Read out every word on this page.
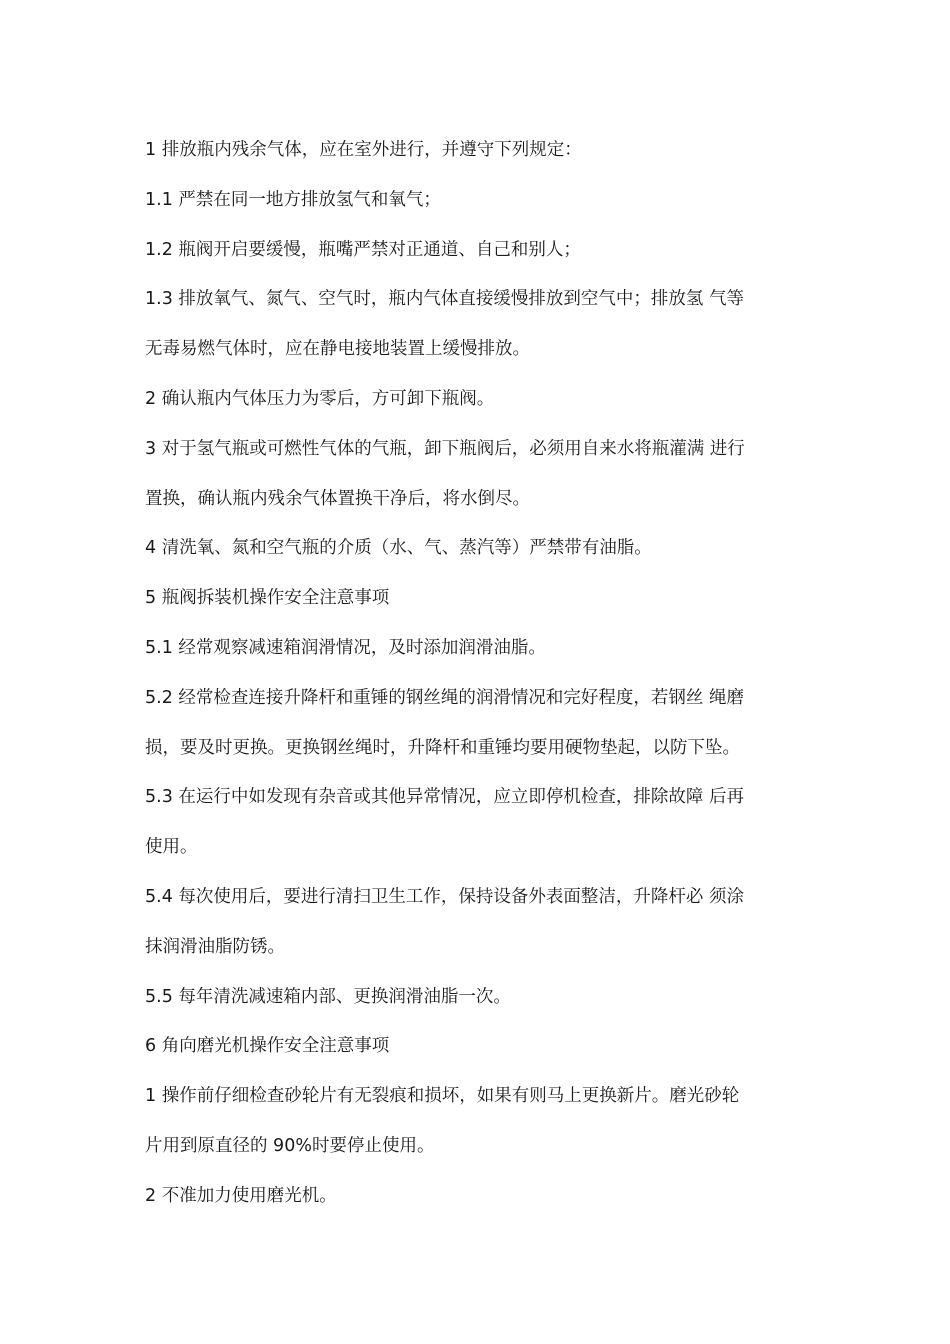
1 排放瓶内残余气体，应在室外进行，并遵守下列规定：
1.1 严禁在同一地方排放氢气和氧气；
1.2 瓶阀开启要缓慢，瓶嘴严禁对正通道、自己和别人；
1.3 排放氧气、氮气、空气时，瓶内气体直接缓慢排放到空气中；排放氢 气等
无毒易燃气体时，应在静电接地装置上缓慢排放。
2 确认瓶内气体压力为零后，方可卸下瓶阀。
3 对于氢气瓶或可燃性气体的气瓶，卸下瓶阀后，必须用自来水将瓶灌满 进行
置换，确认瓶内残余气体置换干净后，将水倒尽。
4 清洗氧、氮和空气瓶的介质（水、气、蒸汽等）严禁带有油脂。
5 瓶阀拆装机操作安全注意事项
5.1 经常观察减速箱润滑情况，及时添加润滑油脂。
5.2 经常检查连接升降杆和重锤的钢丝绳的润滑情况和完好程度，若钢丝 绳磨
损，要及时更换。更换钢丝绳时，升降杆和重锤均要用硬物垫起，以防下坠。
5.3 在运行中如发现有杂音或其他异常情况，应立即停机检查，排除故障 后再
使用。
5.4 每次使用后，要进行清扫卫生工作，保持设备外表面整洁，升降杆必 须涂
抹润滑油脂防锈。
5.5 每年清洗减速箱内部、更换润滑油脂一次。
6 角向磨光机操作安全注意事项
1 操作前仔细检查砂轮片有无裂痕和损坏，如果有则马上更换新片。磨光砂轮
片用到原直径的 90%时要停止使用。
2 不准加力使用磨光机。
